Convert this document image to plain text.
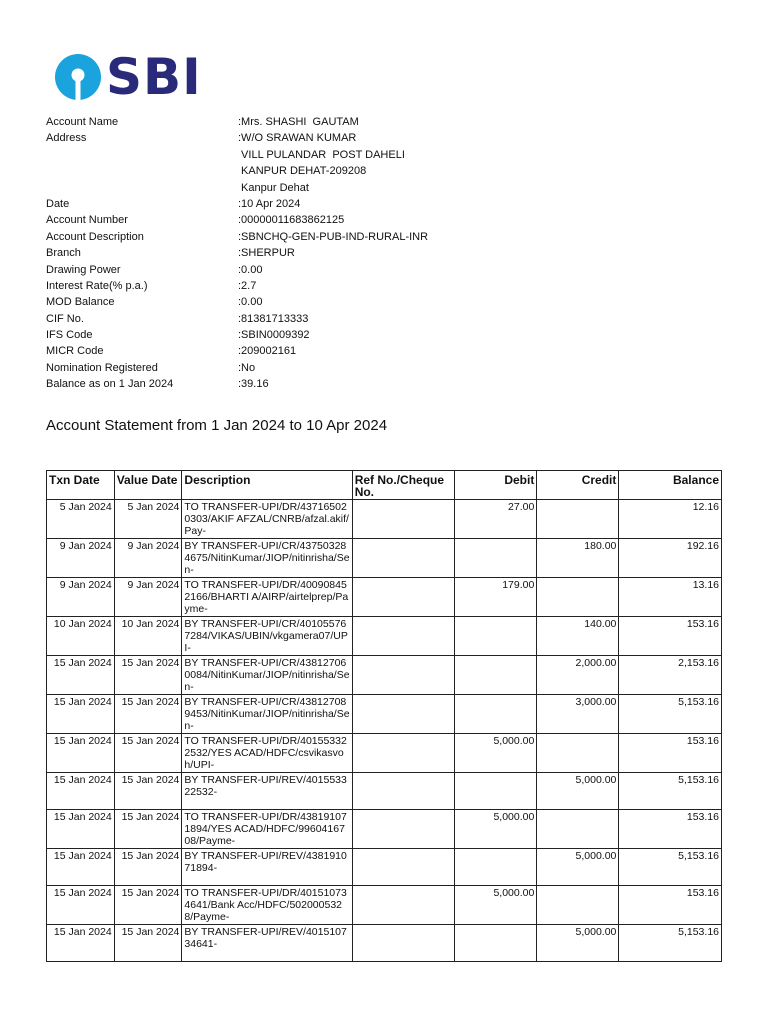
SBI
Account Name	:Mrs. SHASHI  GAUTAM
Address	:W/O SRAWAN KUMAR
VILL PULANDAR  POST DAHELI
KANPUR DEHAT-209208
Kanpur Dehat
Date	:10 Apr 2024
Account Number	:00000011683862125
Account Description	:SBNCHQ-GEN-PUB-IND-RURAL-INR
Branch	:SHERPUR
Drawing Power	:0.00
Interest Rate(% p.a.)	:2.7
MOD Balance	:0.00
CIF No.	:81381713333
IFS Code	:SBIN0009392
MICR Code	:209002161
Nomination Registered	:No
Balance as on 1 Jan 2024	:39.16
Account Statement from 1 Jan 2024 to 10 Apr 2024
Txn Date	Value Date	Description	Ref No./Cheque No.	Debit	Credit	Balance
5 Jan 2024	5 Jan 2024	TO TRANSFER-UPI/DR/437165020303/AKIF AFZAL/CNRB/afzal.akif/Pay-		27.00		12.16
9 Jan 2024	9 Jan 2024	BY TRANSFER-UPI/CR/437503284675/NitinKumar/JIOP/nitinrisha/Sen-			180.00	192.16
9 Jan 2024	9 Jan 2024	TO TRANSFER-UPI/DR/400908452166/BHARTI A/AIRP/airtelprep/Payme-		179.00		13.16
10 Jan 2024	10 Jan 2024	BY TRANSFER-UPI/CR/401055767284/VIKAS/UBIN/vkgamera07/UPI-			140.00	153.16
15 Jan 2024	15 Jan 2024	BY TRANSFER-UPI/CR/438127060084/NitinKumar/JIOP/nitinrisha/Sen-			2,000.00	2,153.16
15 Jan 2024	15 Jan 2024	BY TRANSFER-UPI/CR/438127089453/NitinKumar/JIOP/nitinrisha/Sen-			3,000.00	5,153.16
15 Jan 2024	15 Jan 2024	TO TRANSFER-UPI/DR/401553322532/YES ACAD/HDFC/csvikasvoh/UPI-		5,000.00		153.16
15 Jan 2024	15 Jan 2024	BY TRANSFER-UPI/REV/401553322532-			5,000.00	5,153.16
15 Jan 2024	15 Jan 2024	TO TRANSFER-UPI/DR/438191071894/YES ACAD/HDFC/9960416708/Payme-		5,000.00		153.16
15 Jan 2024	15 Jan 2024	BY TRANSFER-UPI/REV/438191071894-			5,000.00	5,153.16
15 Jan 2024	15 Jan 2024	TO TRANSFER-UPI/DR/401510734641/Bank Acc/HDFC/5020005328/Payme-		5,000.00		153.16
15 Jan 2024	15 Jan 2024	BY TRANSFER-UPI/REV/401510734641-			5,000.00	5,153.16
